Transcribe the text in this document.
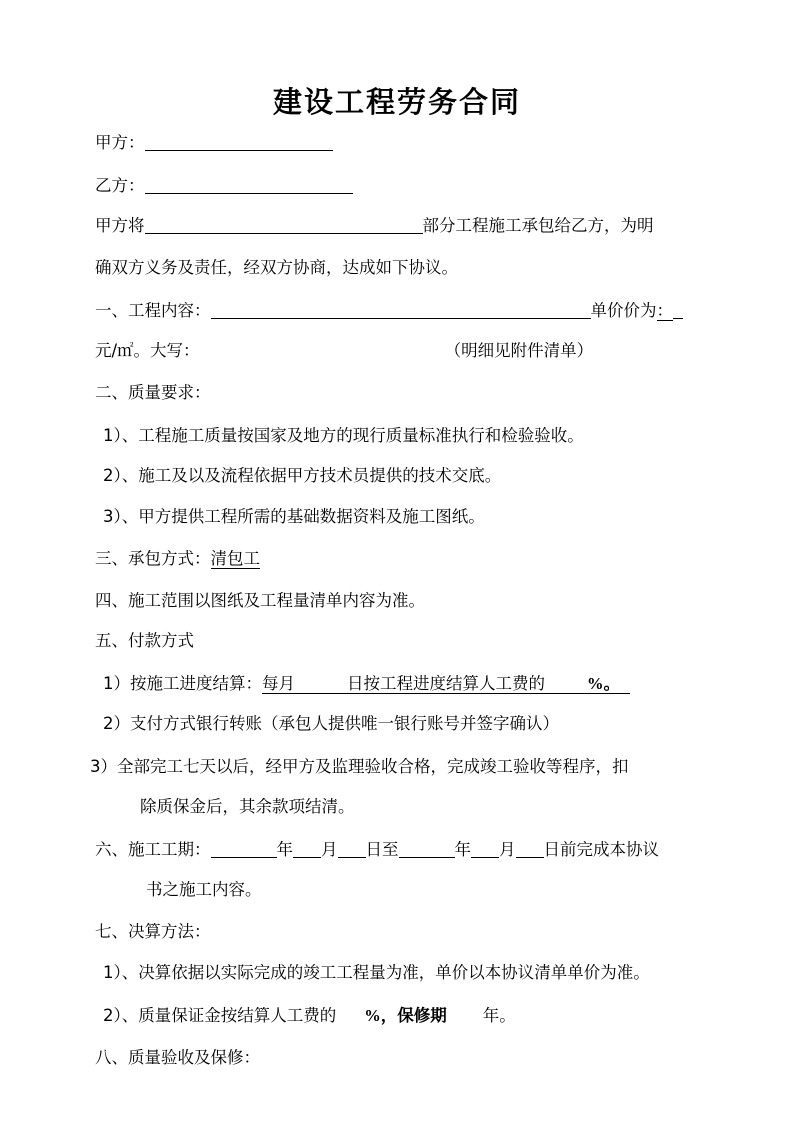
建设工程劳务合同
甲方：
乙方：
甲方将	部分工程施工承包给乙方，为明
确双方义务及责任，经双方协商，达成如下协议。
一、工程内容：	单价价为：
元/㎡。大写：	（明细见附件清单）
二、质量要求：
1）、工程施工质量按国家及地方的现行质量标准执行和检验验收。
2）、施工及以及流程依据甲方技术员提供的技术交底。
3）、甲方提供工程所需的基础数据资料及施工图纸。
三、承包方式：清包工
四、施工范围以图纸及工程量清单内容为准。
五、付款方式
1）按施工进度结算：每月	日按工程进度结算人工费的	%。
2）支付方式银行转账（承包人提供唯一银行账号并签字确认）
3）全部完工七天以后，经甲方及监理验收合格，完成竣工验收等程序，扣
除质保金后，其余款项结清。
六、施工工期：	年 月 日至	年 月 日前完成本协议
书之施工内容。
七、决算方法：
1）、决算依据以实际完成的竣工工程量为准，单价以本协议清单单价为准。
2）、质量保证金按结算人工费的 %，保修期 年。
八、质量验收及保修：
